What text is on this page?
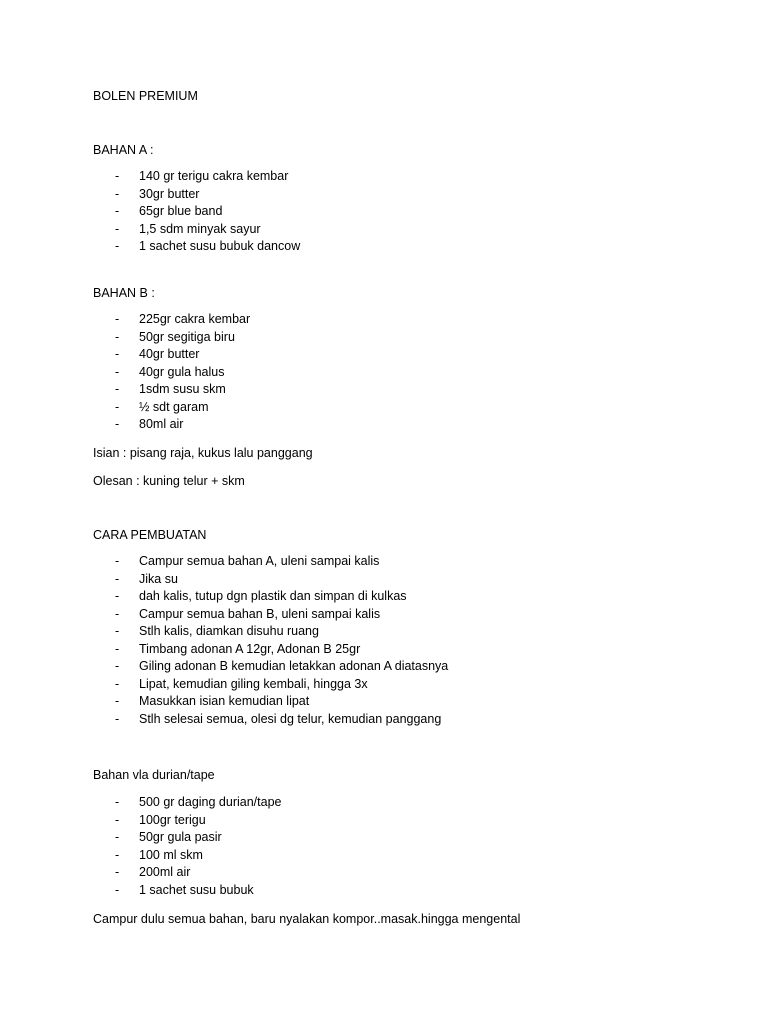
BOLEN PREMIUM
BAHAN A :
- 140 gr terigu cakra kembar
- 30gr butter
- 65gr blue band
- 1,5 sdm minyak sayur
- 1 sachet susu bubuk dancow
BAHAN B :
- 225gr cakra kembar
- 50gr segitiga biru
- 40gr butter
- 40gr gula halus
- 1sdm susu skm
- ½ sdt garam
- 80ml air
Isian : pisang raja, kukus lalu panggang
Olesan : kuning telur + skm
CARA PEMBUATAN
- Campur semua bahan A, uleni sampai kalis
- Jika su
- dah kalis, tutup dgn plastik dan simpan di kulkas
- Campur semua bahan B, uleni sampai kalis
- Stlh kalis, diamkan disuhu ruang
- Timbang adonan A 12gr, Adonan B 25gr
- Giling adonan B kemudian letakkan adonan A diatasnya
- Lipat, kemudian giling kembali, hingga 3x
- Masukkan isian kemudian lipat
- Stlh selesai semua, olesi dg telur, kemudian panggang
Bahan vla durian/tape
- 500 gr daging durian/tape
- 100gr terigu
- 50gr gula pasir
- 100 ml skm
- 200ml air
- 1 sachet susu bubuk
Campur dulu semua bahan, baru nyalakan kompor..masak.hingga mengental
